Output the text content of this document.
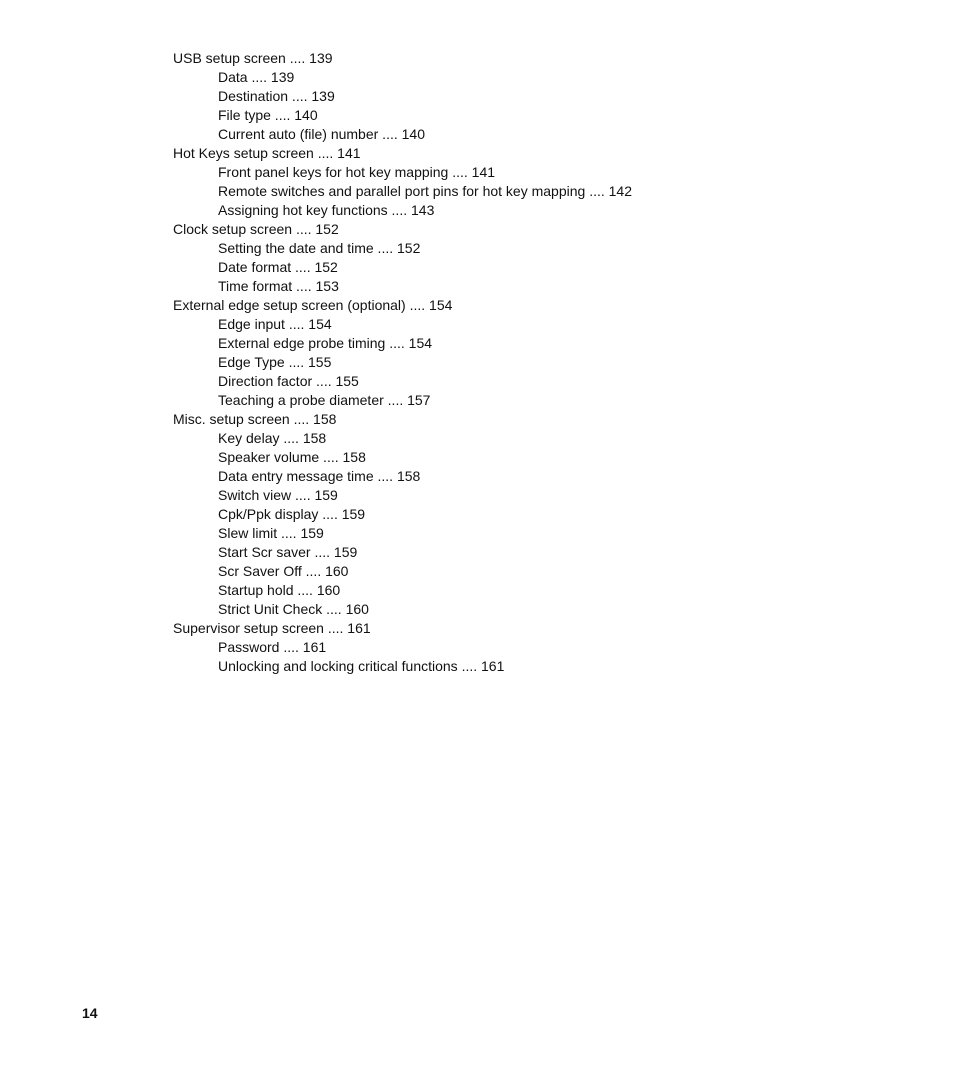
USB setup screen .... 139
Data .... 139
Destination .... 139
File type .... 140
Current auto (file) number .... 140
Hot Keys setup screen .... 141
Front panel keys for hot key mapping .... 141
Remote switches and parallel port pins for hot key mapping .... 142
Assigning hot key functions .... 143
Clock setup screen .... 152
Setting the date and time .... 152
Date format .... 152
Time format .... 153
External edge setup screen (optional) .... 154
Edge input .... 154
External edge probe timing .... 154
Edge Type .... 155
Direction factor .... 155
Teaching a probe diameter .... 157
Misc. setup screen .... 158
Key delay .... 158
Speaker volume .... 158
Data entry message time .... 158
Switch view .... 159
Cpk/Ppk display .... 159
Slew limit .... 159
Start Scr saver .... 159
Scr Saver Off .... 160
Startup hold .... 160
Strict Unit Check .... 160
Supervisor setup screen .... 161
Password .... 161
Unlocking and locking critical functions .... 161
14
